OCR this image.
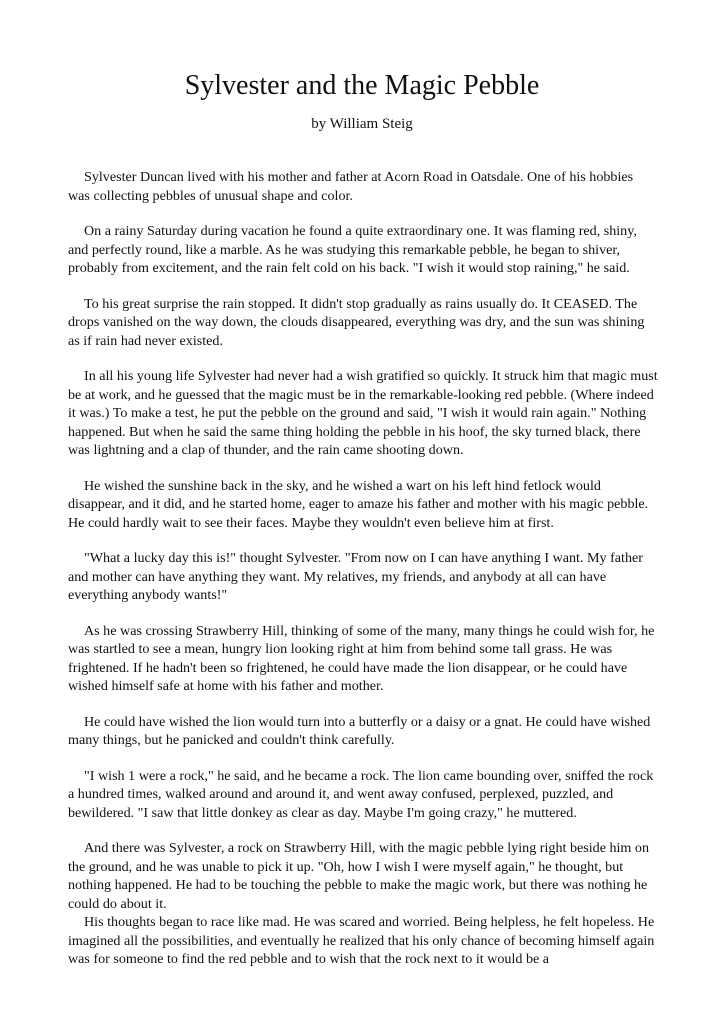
Sylvester and the Magic Pebble
by William Steig

Sylvester Duncan lived with his mother and father at Acorn Road in Oatsdale. One of his hobbies was collecting pebbles of unusual shape and color.

On a rainy Saturday during vacation he found a quite extraordinary one. It was flaming red, shiny, and perfectly round, like a marble. As he was studying this remarkable pebble, he began to shiver, probably from excitement, and the rain felt cold on his back. "I wish it would stop raining," he said.

To his great surprise the rain stopped. It didn't stop gradually as rains usually do. It CEASED. The drops vanished on the way down, the clouds disappeared, everything was dry, and the sun was shining as if rain had never existed.

In all his young life Sylvester had never had a wish gratified so quickly. It struck him that magic must be at work, and he guessed that the magic must be in the remarkable-looking red pebble. (Where indeed it was.) To make a test, he put the pebble on the ground and said, "I wish it would rain again." Nothing happened. But when he said the same thing holding the pebble in his hoof, the sky turned black, there was lightning and a clap of thunder, and the rain came shooting down.

He wished the sunshine back in the sky, and he wished a wart on his left hind fetlock would disappear, and it did, and he started home, eager to amaze his father and mother with his magic pebble. He could hardly wait to see their faces. Maybe they wouldn't even believe him at first.

"What a lucky day this is!" thought Sylvester. "From now on I can have anything I want. My father and mother can have anything they want. My relatives, my friends, and anybody at all can have everything anybody wants!"

As he was crossing Strawberry Hill, thinking of some of the many, many things he could wish for, he was startled to see a mean, hungry lion looking right at him from behind some tall grass. He was frightened. If he hadn't been so frightened, he could have made the lion disappear, or he could have wished himself safe at home with his father and mother.

He could have wished the lion would turn into a butterfly or a daisy or a gnat. He could have wished many things, but he panicked and couldn't think carefully.

"I wish 1 were a rock," he said, and he became a rock. The lion came bounding over, sniffed the rock a hundred times, walked around and around it, and went away confused, perplexed, puzzled, and bewildered. "I saw that little donkey as clear as day. Maybe I'm going crazy," he muttered.

And there was Sylvester, a rock on Strawberry Hill, with the magic pebble lying right beside him on the ground, and he was unable to pick it up. "Oh, how I wish I were myself again," he thought, but nothing happened. He had to be touching the pebble to make the magic work, but there was nothing he could do about it.

His thoughts began to race like mad. He was scared and worried. Being helpless, he felt hopeless. He imagined all the possibilities, and eventually he realized that his only chance of becoming himself again was for someone to find the red pebble and to wish that the rock next to it would be a
